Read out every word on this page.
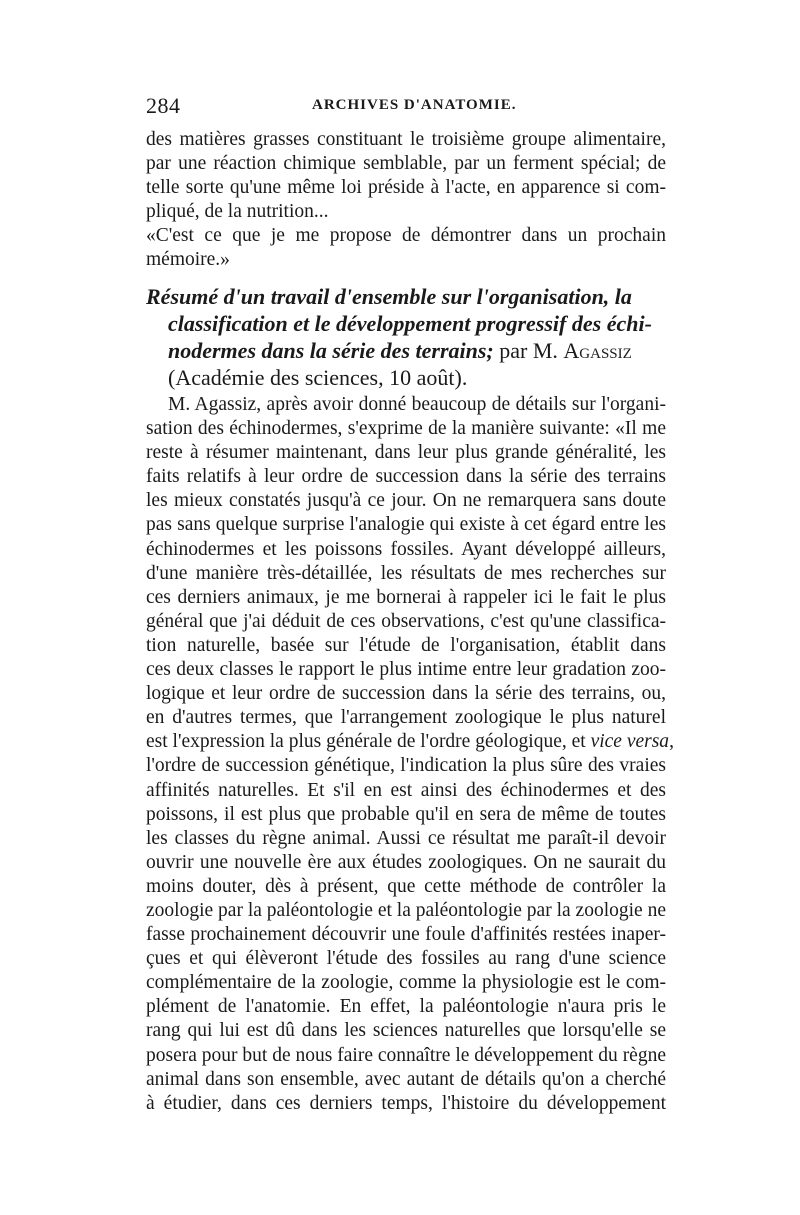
284	ARCHIVES D'ANATOMIE.
des matières grasses constituant le troisième groupe alimentaire,
par une réaction chimique semblable, par un ferment spécial; de
telle sorte qu'une même loi préside à l'acte, en apparence si com-
pliqué, de la nutrition...
«C'est ce que je me propose de démontrer dans un prochain
mémoire.»
Résumé d'un travail d'ensemble sur l'organisation, la
classification et le développement progressif des échi-
nodermes dans la série des terrains; par M. Agassiz
(Académie des sciences, 10 août).
M. Agassiz, après avoir donné beaucoup de détails sur l'organi-
sation des échinodermes, s'exprime de la manière suivante: «Il me
reste à résumer maintenant, dans leur plus grande généralité, les
faits relatifs à leur ordre de succession dans la série des terrains
les mieux constatés jusqu'à ce jour. On ne remarquera sans doute
pas sans quelque surprise l'analogie qui existe à cet égard entre les
échinodermes et les poissons fossiles. Ayant développé ailleurs,
d'une manière très-détaillée, les résultats de mes recherches sur
ces derniers animaux, je me bornerai à rappeler ici le fait le plus
général que j'ai déduit de ces observations, c'est qu'une classifica-
tion naturelle, basée sur l'étude de l'organisation, établit dans
ces deux classes le rapport le plus intime entre leur gradation zoo-
logique et leur ordre de succession dans la série des terrains, ou,
en d'autres termes, que l'arrangement zoologique le plus naturel
est l'expression la plus générale de l'ordre géologique, et vice versa,
l'ordre de succession génétique, l'indication la plus sûre des vraies
affinités naturelles. Et s'il en est ainsi des échinodermes et des
poissons, il est plus que probable qu'il en sera de même de toutes
les classes du règne animal. Aussi ce résultat me paraît-il devoir
ouvrir une nouvelle ère aux études zoologiques. On ne saurait du
moins douter, dès à présent, que cette méthode de contrôler la
zoologie par la paléontologie et la paléontologie par la zoologie ne
fasse prochainement découvrir une foule d'affinités restées inaper-
çues et qui élèveront l'étude des fossiles au rang d'une science
complémentaire de la zoologie, comme la physiologie est le com-
plément de l'anatomie. En effet, la paléontologie n'aura pris le
rang qui lui est dû dans les sciences naturelles que lorsqu'elle se
posera pour but de nous faire connaître le développement du règne
animal dans son ensemble, avec autant de détails qu'on a cherché
à étudier, dans ces derniers temps, l'histoire du développement
